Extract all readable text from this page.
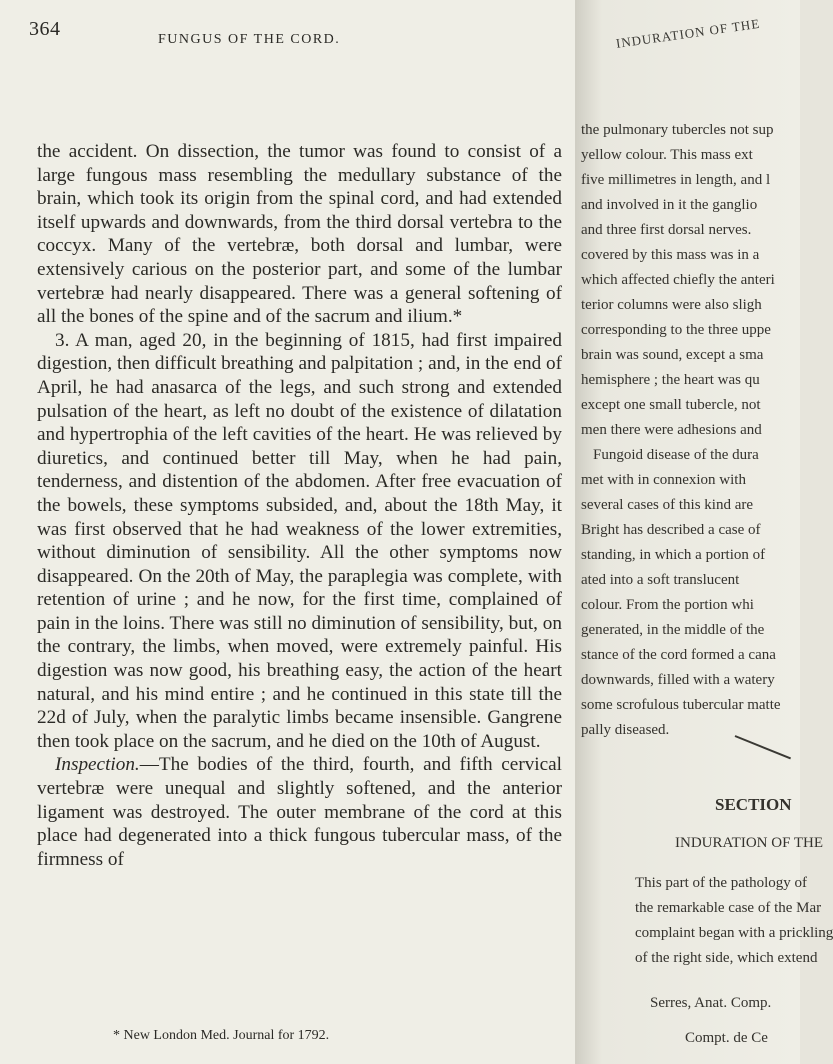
364	FUNGUS OF THE CORD.

the accident. On dissection, the tumor was found to consist of a large fungous mass resembling the medullary substance of the brain, which took its origin from the spinal cord, and had extended itself upwards and downwards, from the third dorsal vertebra to the coccyx. Many of the vertebræ, both dorsal and lumbar, were extensively carious on the posterior part, and some of the lumbar vertebræ had nearly disappeared. There was a general softening of all the bones of the spine and of the sacrum and ilium.*

3. A man, aged 20, in the beginning of 1815, had first impaired digestion, then difficult breathing and palpitation ; and, in the end of April, he had anasarca of the legs, and such strong and extended pulsation of the heart, as left no doubt of the existence of dilatation and hypertrophia of the left cavities of the heart. He was relieved by diuretics, and continued better till May, when he had pain, tenderness, and distention of the abdomen. After free evacuation of the bowels, these symptoms subsided, and, about the 18th May, it was first observed that he had weakness of the lower extremities, without diminution of sensibility. All the other symptoms now disappeared. On the 20th of May, the paraplegia was complete, with retention of urine ; and he now, for the first time, complained of pain in the loins. There was still no diminution of sensibility, but, on the contrary, the limbs, when moved, were extremely painful. His digestion was now good, his breathing easy, the action of the heart natural, and his mind entire ; and he continued in this state till the 22d of July, when the paralytic limbs became insensible. Gangrene then took place on the sacrum, and he died on the 10th of August.

Inspection.—The bodies of the third, fourth, and fifth cervical vertebræ were unequal and slightly softened, and the anterior ligament was destroyed. The outer membrane of the cord at this place had degenerated into a thick fungous tubercular mass, of the firmness of

* New London Med. Journal for 1792.
INDURATION OF THE
the pulmonary tubercles not sup
yellow colour. This mass ext
five millimetres in length, and l
and involved in it the ganglio
and three first dorsal nerves.
covered by this mass was in a
which affected chiefly the anteri
terior columns were also sligh
corresponding to the three uppe
brain was sound, except a sma
hemisphere ; the heart was qu
except one small tubercle, not
men there were adhesions and
Fungoid disease of the dura
met with in connexion with
several cases of this kind are
Bright has described a case of
standing, in which a portion of
ated into a soft translucent
colour. From the portion whi
generated, in the middle of the
stance of the cord formed a cana
downwards, filled with a watery
some scrofulous tubercular matte
pally diseased.
SECTION
INDURATION OF THE
This part of the pathology of
the remarkable case of the Mar
complaint began with a prickling
of the right side, which extend
Serres, Anat. Comp.
Compt. de Ce
